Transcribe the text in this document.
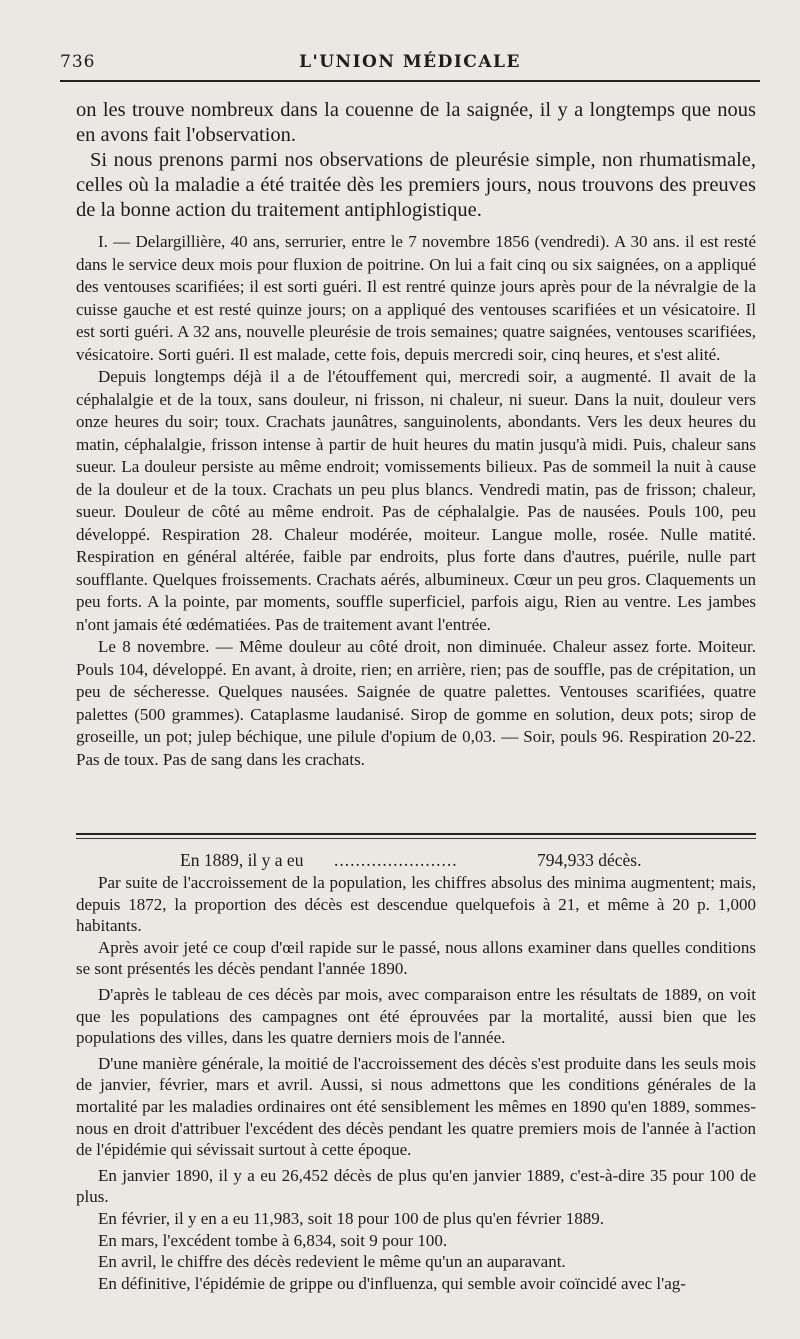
736	L'UNION MÉDICALE

on les trouve nombreux dans la couenne de la saignée, il y a longtemps que nous en avons fait l'observation.

Si nous prenons parmi nos observations de pleurésie simple, non rhumatismale, celles où la maladie a été traitée dès les premiers jours, nous trouvons des preuves de la bonne action du traitement antiphlogistique.

I. — Delargillière, 40 ans, serrurier, entre le 7 novembre 1856 (vendredi). A 30 ans. il est resté dans le service deux mois pour fluxion de poitrine. On lui a fait cinq ou six saignées, on a appliqué des ventouses scarifiées; il est sorti guéri. Il est rentré quinze jours après pour de la névralgie de la cuisse gauche et est resté quinze jours; on a appliqué des ventouses scarifiées et un vésicatoire. Il est sorti guéri. A 32 ans, nouvelle pleurésie de trois semaines; quatre saignées, ventouses scarifiées, vésicatoire. Sorti guéri. Il est malade, cette fois, depuis mercredi soir, cinq heures, et s'est alité.

Depuis longtemps déjà il a de l'étouffement qui, mercredi soir, a augmenté. Il avait de la céphalalgie et de la toux, sans douleur, ni frisson, ni chaleur, ni sueur. Dans la nuit, douleur vers onze heures du soir; toux. Crachats jaunâtres, sanguinolents, abondants. Vers les deux heures du matin, céphalalgie, frisson intense à partir de huit heures du matin jusqu'à midi. Puis, chaleur sans sueur. La douleur persiste au même endroit; vomissements bilieux. Pas de sommeil la nuit à cause de la douleur et de la toux. Crachats un peu plus blancs. Vendredi matin, pas de frisson; chaleur, sueur. Douleur de côté au même endroit. Pas de céphalalgie. Pas de nausées. Pouls 100, peu développé. Respiration 28. Chaleur modérée, moiteur. Langue molle, rosée. Nulle matité. Respiration en général altérée, faible par endroits, plus forte dans d'autres, puérile, nulle part soufflante. Quelques froissements. Crachats aérés, albumineux. Cœur un peu gros. Claquements un peu forts. A la pointe, par moments, souffle superficiel, parfois aigu, Rien au ventre. Les jambes n'ont jamais été œdématiées. Pas de traitement avant l'entrée.

Le 8 novembre. — Même douleur au côté droit, non diminuée. Chaleur assez forte. Moiteur. Pouls 104, développé. En avant, à droite, rien; en arrière, rien; pas de souffle, pas de crépitation, un peu de sécheresse. Quelques nausées. Saignée de quatre palettes. Ventouses scarifiées, quatre palettes (500 grammes). Cataplasme laudanisé. Sirop de gomme en solution, deux pots; sirop de groseille, un pot; julep béchique, une pilule d'opium de 0,03. — Soir, pouls 96. Respiration 20-22. Pas de toux. Pas de sang dans les crachats.

En 1889, il y a eu .......................	794,933 décès.

Par suite de l'accroissement de la population, les chiffres absolus des minima augmentent; mais, depuis 1872, la proportion des décès est descendue quelquefois à 21, et même à 20 p. 1,000 habitants.

Après avoir jeté ce coup d'œil rapide sur le passé, nous allons examiner dans quelles conditions se sont présentés les décès pendant l'année 1890.

D'après le tableau de ces décès par mois, avec comparaison entre les résultats de 1889, on voit que les populations des campagnes ont été éprouvées par la mortalité, aussi bien que les populations des villes, dans les quatre derniers mois de l'année.

D'une manière générale, la moitié de l'accroissement des décès s'est produite dans les seuls mois de janvier, février, mars et avril. Aussi, si nous admettons que les conditions générales de la mortalité par les maladies ordinaires ont été sensiblement les mêmes en 1890 qu'en 1889, sommes-nous en droit d'attribuer l'excédent des décès pendant les quatre premiers mois de l'année à l'action de l'épidémie qui sévissait surtout à cette époque.

En janvier 1890, il y a eu 26,452 décès de plus qu'en janvier 1889, c'est-à-dire 35 pour 100 de plus.

En février, il y en a eu 11,983, soit 18 pour 100 de plus qu'en février 1889.

En mars, l'excédent tombe à 6,834, soit 9 pour 100.

En avril, le chiffre des décès redevient le même qu'un an auparavant.

En définitive, l'épidémie de grippe ou d'influenza, qui semble avoir coïncidé avec l'ag-
